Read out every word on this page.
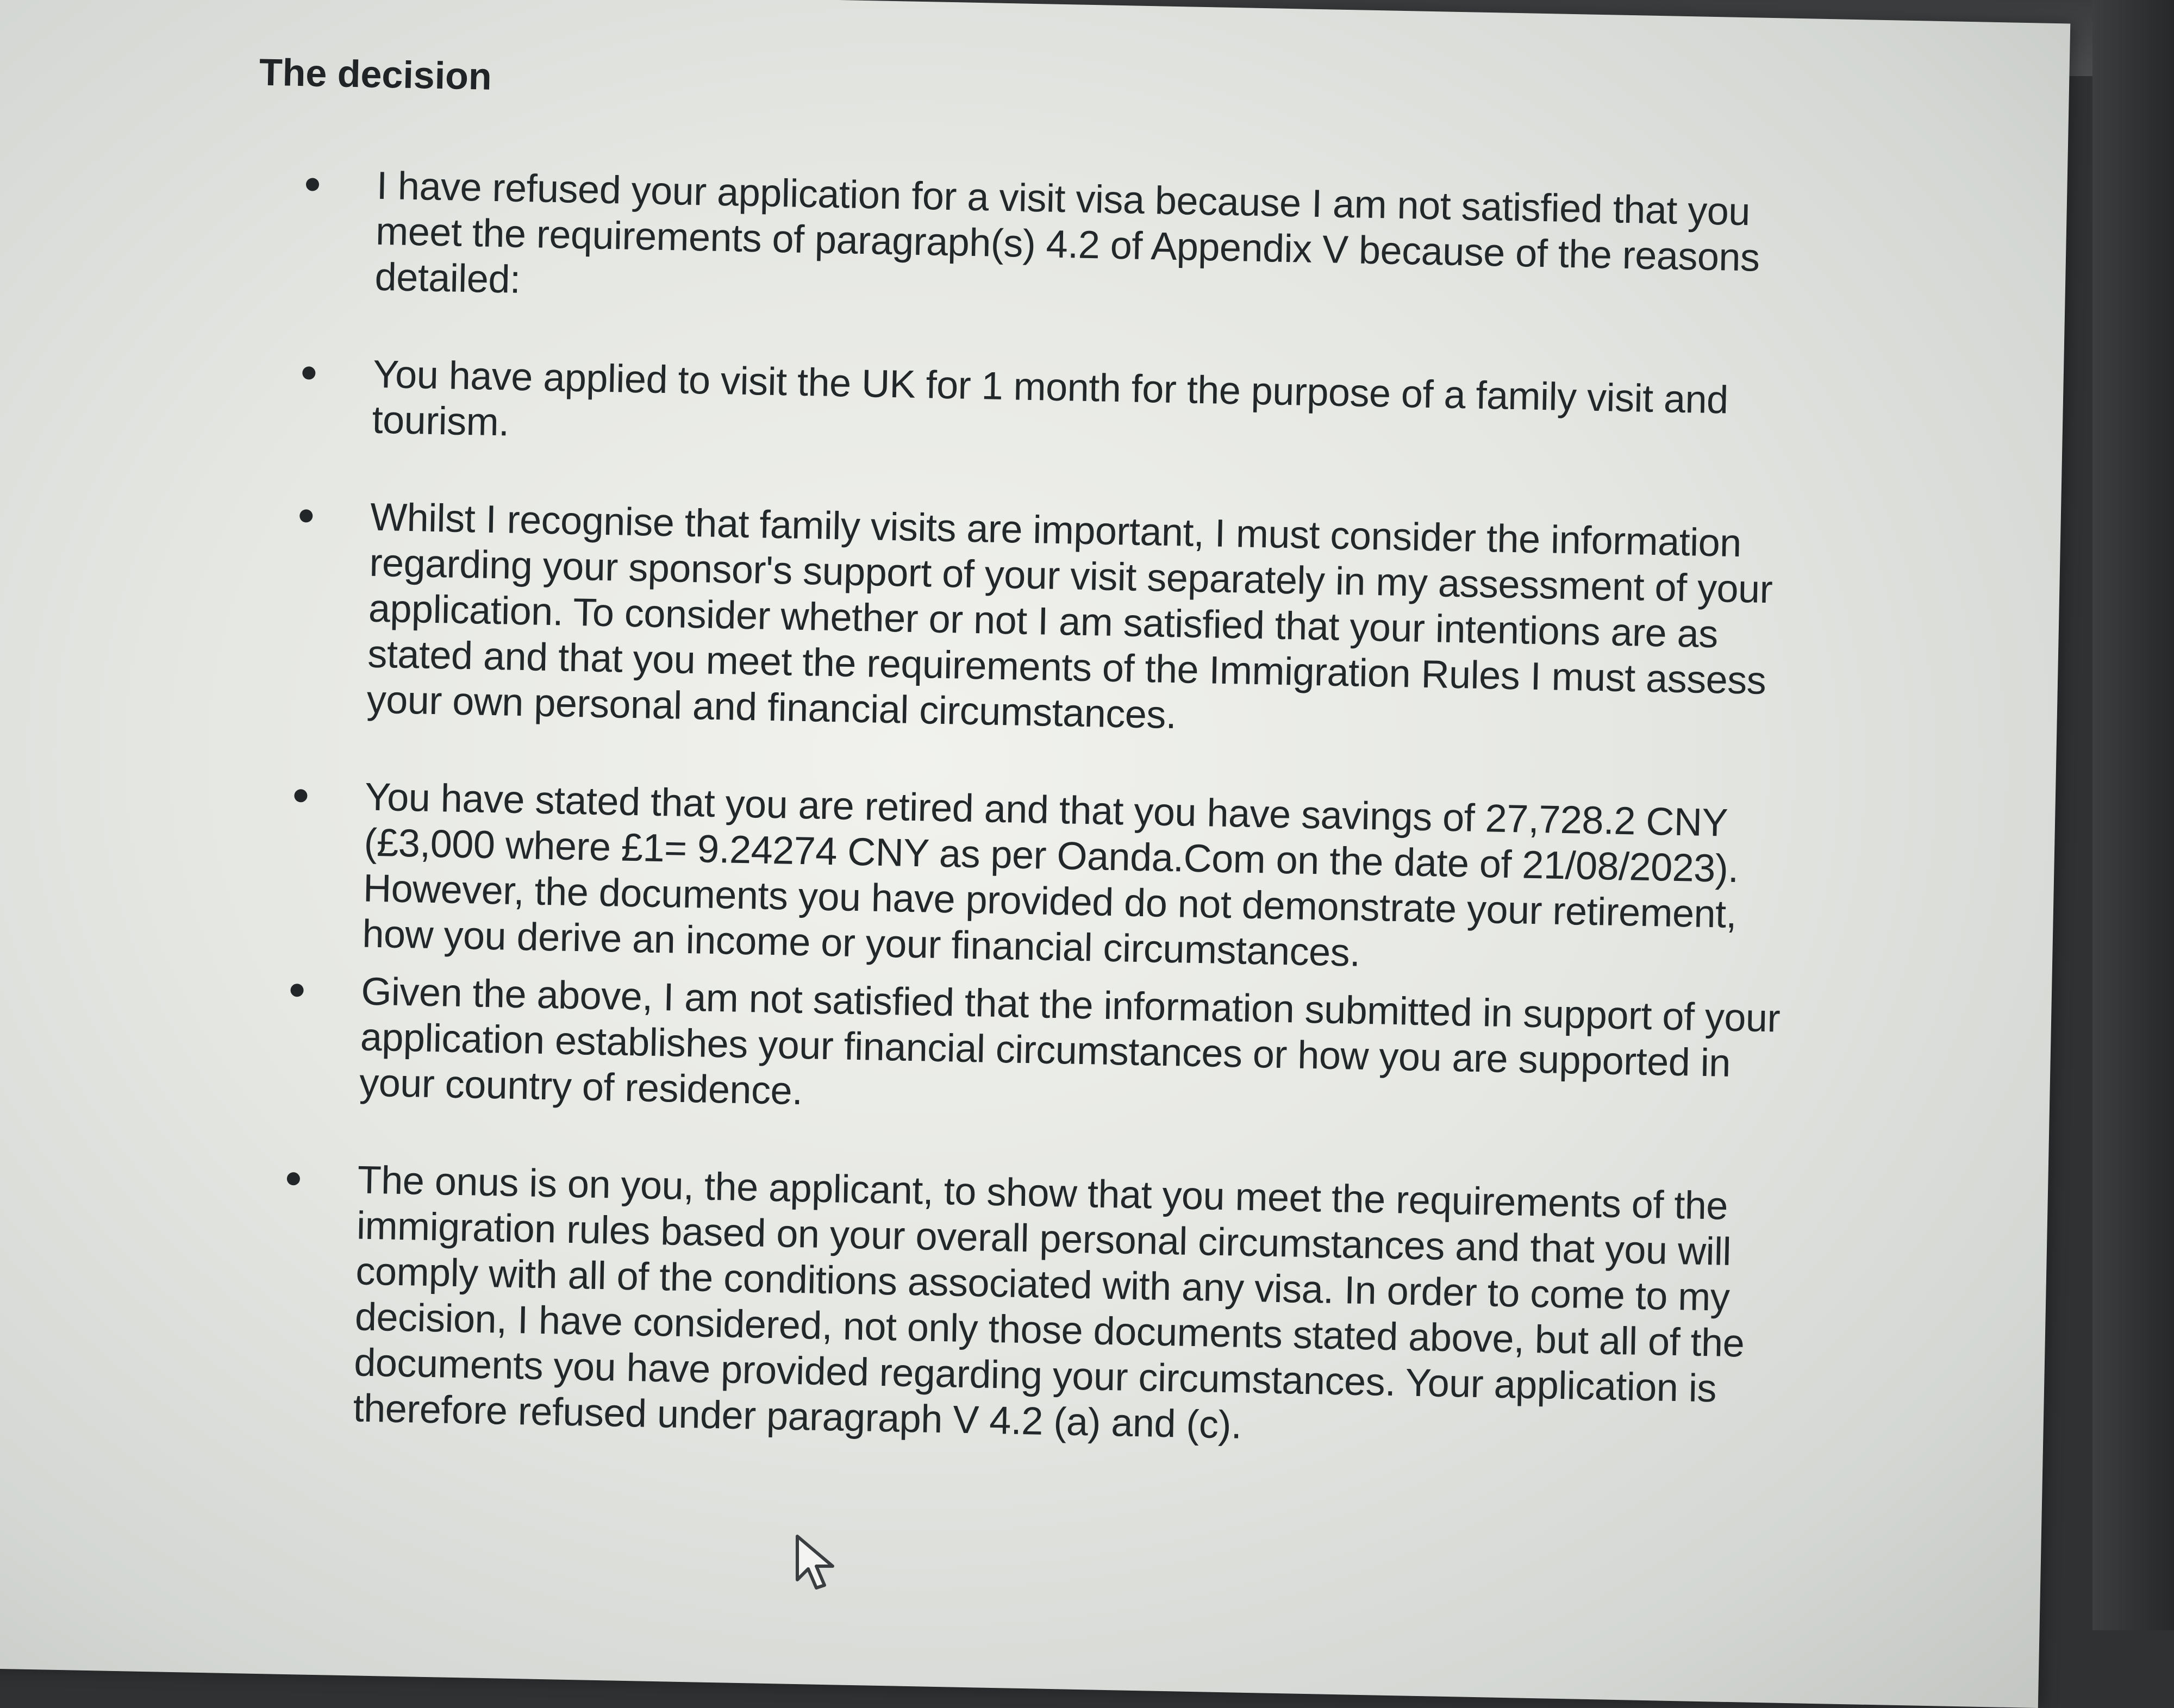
The decision
I have refused your application for a visit visa because I am not satisfied that you meet the requirements of paragraph(s) 4.2 of Appendix V because of the reasons detailed:
You have applied to visit the UK for 1 month for the purpose of a family visit and tourism.
Whilst I recognise that family visits are important, I must consider the information regarding your sponsor's support of your visit separately in my assessment of your application. To consider whether or not I am satisfied that your intentions are as stated and that you meet the requirements of the Immigration Rules I must assess your own personal and financial circumstances.
You have stated that you are retired and that you have savings of 27,728.2 CNY (£3,000 where £1= 9.24274 CNY as per Oanda.Com on the date of 21/08/2023). However, the documents you have provided do not demonstrate your retirement, how you derive an income or your financial circumstances.
Given the above, I am not satisfied that the information submitted in support of your application establishes your financial circumstances or how you are supported in your country of residence.
The onus is on you, the applicant, to show that you meet the requirements of the immigration rules based on your overall personal circumstances and that you will comply with all of the conditions associated with any visa. In order to come to my decision, I have considered, not only those documents stated above, but all of the documents you have provided regarding your circumstances. Your application is therefore refused under paragraph V 4.2 (a) and (c).
